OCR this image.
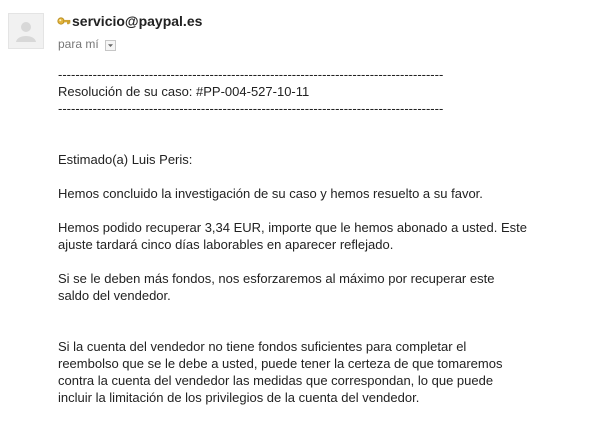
servicio@paypal.es
para mí
-----------------------------------------------------------------------------------------
Resolución de su caso: #PP-004-527-10-11
-----------------------------------------------------------------------------------------
Estimado(a) Luis Peris:
Hemos concluido la investigación de su caso y hemos resuelto a su favor.
Hemos podido recuperar 3,34 EUR, importe que le hemos abonado a usted. Este
ajuste tardará cinco días laborables en aparecer reflejado.
Si se le deben más fondos, nos esforzaremos al máximo por recuperar este
saldo del vendedor.
Si la cuenta del vendedor no tiene fondos suficientes para completar el
reembolso que se le debe a usted, puede tener la certeza de que tomaremos
contra la cuenta del vendedor las medidas que correspondan, lo que puede
incluir la limitación de los privilegios de la cuenta del vendedor.
